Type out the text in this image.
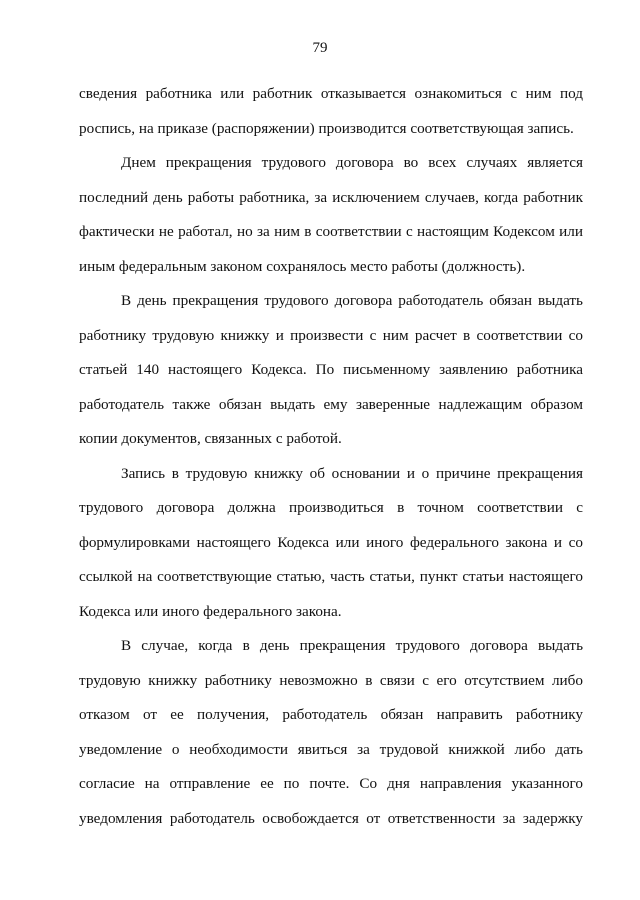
79

сведения работника или работник отказывается ознакомиться с ним под
роспись, на приказе (распоряжении) производится соответствующая запись.

Днем прекращения трудового договора во всех случаях является
последний день работы работника, за исключением случаев, когда работник
фактически не работал, но за ним в соответствии с настоящим Кодексом или
иным федеральным законом сохранялось место работы (должность).

В день прекращения трудового договора работодатель обязан выдать
работнику трудовую книжку и произвести с ним расчет в соответствии со
статьей 140 настоящего Кодекса. По письменному заявлению работника
работодатель также обязан выдать ему заверенные надлежащим образом
копии документов, связанных с работой.

Запись в трудовую книжку об основании и о причине прекращения
трудового договора должна производиться в точном соответствии с
формулировками настоящего Кодекса или иного федерального закона и со
ссылкой на соответствующие статью, часть статьи, пункт статьи настоящего
Кодекса или иного федерального закона.

В случае, когда в день прекращения трудового договора выдать
трудовую книжку работнику невозможно в связи с его отсутствием либо
отказом от ее получения, работодатель обязан направить работнику
уведомление о необходимости явиться за трудовой книжкой либо дать
согласие на отправление ее по почте. Со дня направления указанного
уведомления работодатель освобождается от ответственности за задержку
